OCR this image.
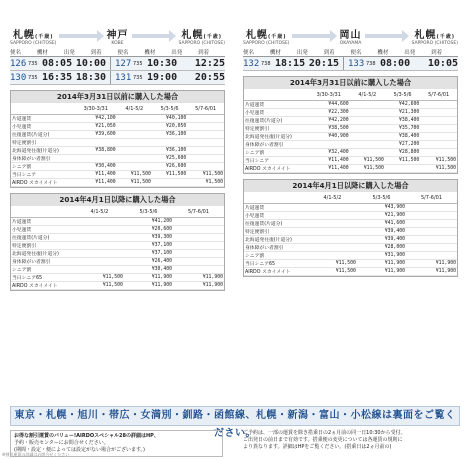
札幌(千歳)
SAPPORO (CHITOSE)
神戸
KOBE
札幌(千歳)
SAPPORO (CHITOSE)
便名	機材	出発	到着	便名	機材	出発	到着
126 735 08:05 10:00 127 735 10:30	12:25
130 735 16:35 18:30 131 735 19:00	20:55
2014年3月31日以前に購入した場合
	3/30-3/31	4/1-5/2	5/3-5/6	5/7-6/01
片道運賃	¥42,100		¥40,100	
小児運賃	¥21,050		¥20,050	
往復運賃(片道分)	¥39,600		¥36,100	
特定便割引				
北海道発往復(片道分)	¥38,800		¥36,100	
身体障がい者割引			¥25,600	
シニア割	¥30,400		¥26,600	
当日シニア	¥11,400	¥11,500	¥11,500	¥11,500
AIRDO スカイメイト	¥11,400	¥11,500		¥1,500
2014年4月1日以降に購入した場合
	4/1-5/2	5/3-5/6	5/7-6/01
片道運賃		¥41,200	
小児運賃		¥20,600	
往復運賃(片道分)		¥39,300	
特定便割引		¥37,100	
北海道発往復(片道分)		¥37,100	
身体障がい者割引		¥26,400	
シニア割		¥30,400	
当日シニア65	¥11,500	¥11,900	¥11,900
AIRDO スカイメイト	¥11,500	¥11,900	¥11,900
札幌(千歳)
SAPPORO (CHITOSE)
岡山
OKAYAMA
札幌(千歳)
SAPPORO (CHITOSE)
便名	機材	出発	到着	便名	機材	出発	到着
132 738 18:15 20:15 133 738 08:00	10:05
2014年3月31日以前に購入した場合
	3/30-3/31	4/1-5/2	5/3-5/6	5/7-6/01
片道運賃	¥44,600		¥42,600	
小児運賃	¥22,300		¥21,300	
往復運賃(片道分)	¥42,200		¥38,400	
特定便割引	¥38,500		¥35,700	
北海道発往復(片道分)	¥40,900		¥38,400	
身体障がい者割引			¥27,200	
シニア割	¥32,400		¥28,800	
当日シニア	¥11,400	¥11,500	¥11,500	¥11,500
AIRDO スカイメイト	¥11,400	¥11,500		¥11,500
2014年4月1日以降に購入した場合
	4/1-5/2	5/3-5/6	5/7-6/01
片道運賃		¥43,900	
小児運賃		¥21,900	
往復運賃(片道分)		¥41,600	
特定便割引		¥39,400	
北海道発往復(片道分)		¥39,400	
身体障がい者割引		¥28,000	
シニア割		¥31,900	
当日シニア65	¥11,500	¥11,900	¥11,900
AIRDO スカイメイト	¥11,500	¥11,900	¥11,900
東京・札幌・旭川・帯広・女満別・釧路・函館線、札幌・新潟・富山・小松線は裏面をご覧ください。
お得な割引運賃のバリュー!AIRDOスペシャル28の詳細はHP、
予約・販売センターにお問合せください。
(期間・設定・便によっては設定がない場合がございます。)
ご予約は、一部の運賃を除き搭乗日の2ヵ月前の同一日10:30から受付。
ご出発日の前日まで有効です。搭乗便の変更については各運賃の規則に
より異なります。詳細はHPをご覧ください。(搭乗日は2ヵ月前の)
※割引運賃の詳細はお問合せください
